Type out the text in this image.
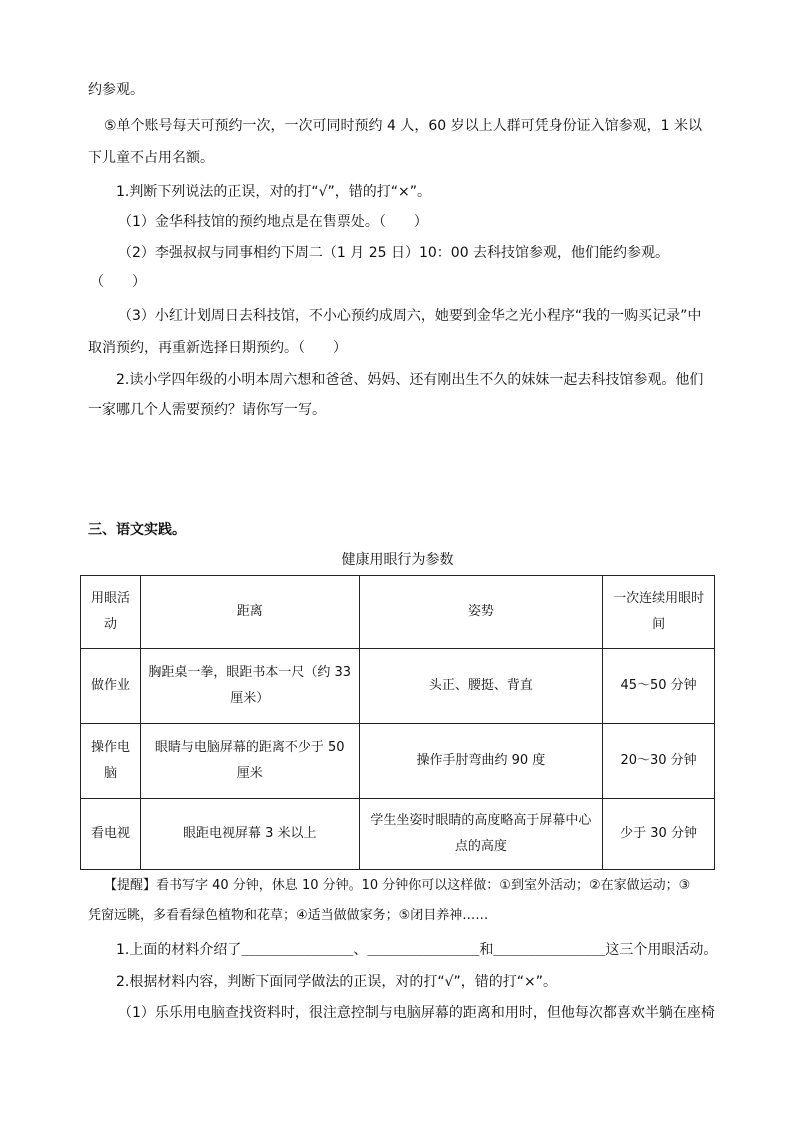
约参观。
⑤单个账号每天可预约一次，一次可同时预约 4 人，60 岁以上人群可凭身份证入馆参观，1 米以
下儿童不占用名额。
1.判断下列说法的正误，对的打“√”，错的打“×”。
（1）金华科技馆的预约地点是在售票处。（　　）
（2）李强叔叔与同事相约下周二（1 月 25 日）10：00 去科技馆参观，他们能约参观。
（　　）
（3）小红计划周日去科技馆，不小心预约成周六，她要到金华之光小程序“我的一购买记录”中
取消预约，再重新选择日期预约。（　　）
2.读小学四年级的小明本周六想和爸爸、妈妈、还有刚出生不久的妹妹一起去科技馆参观。他们
一家哪几个人需要预约？请你写一写。
三、语文实践。
健康用眼行为参数
用眼活动	距离	姿势	一次连续用眼时间
做作业	胸距桌一拳，眼距书本一尺（约 33 厘米）	头正、腰挺、背直	45～50 分钟
操作电脑	眼睛与电脑屏幕的距离不少于 50 厘米	操作手肘弯曲约 90 度	20～30 分钟
看电视	眼距电视屏幕 3 米以上	学生坐姿时眼睛的高度略高于屏幕中心点的高度	少于 30 分钟
【提醒】看书写字 40 分钟，休息 10 分钟。10 分钟你可以这样做：①到室外活动；②在家做运动；③
凭窗远眺，多看看绿色植物和花草；④适当做做家务；⑤闭目养神……
1.上面的材料介绍了＿＿＿＿＿＿＿＿、＿＿＿＿＿＿＿＿和＿＿＿＿＿＿＿＿这三个用眼活动。
2.根据材料内容，判断下面同学做法的正误，对的打“√”，错的打“×”。
（1）乐乐用电脑查找资料时，很注意控制与电脑屏幕的距离和用时，但他每次都喜欢半躺在座椅
